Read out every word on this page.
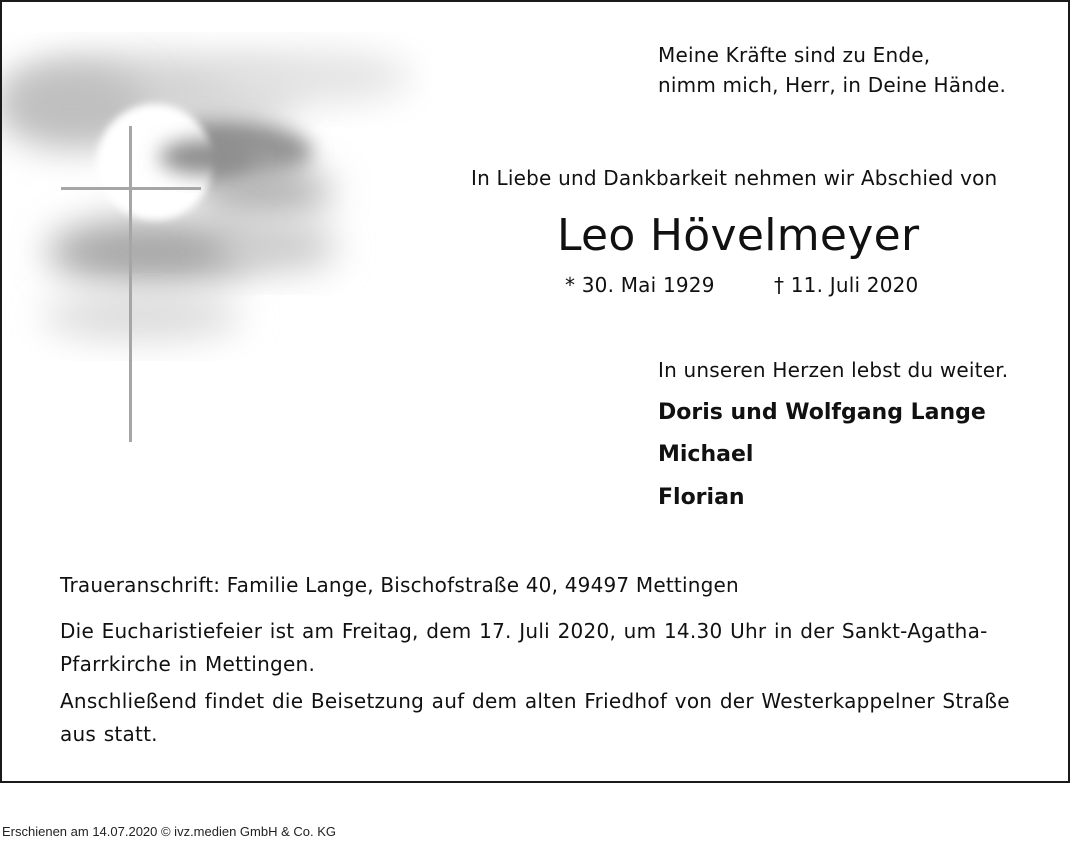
Meine Kräfte sind zu Ende,
nimm mich, Herr, in Deine Hände.
In Liebe und Dankbarkeit nehmen wir Abschied von
Leo Hövelmeyer
* 30. Mai 1929	† 11. Juli 2020
In unseren Herzen lebst du weiter.
Doris und Wolfgang Lange
Michael
Florian
Traueranschrift: Familie Lange, Bischofstraße 40, 49497 Mettingen
Die Eucharistiefeier ist am Freitag, dem 17. Juli 2020, um 14.30 Uhr in der Sankt-Agatha-Pfarrkirche in Mettingen.
Anschließend findet die Beisetzung auf dem alten Friedhof von der Westerkappelner Straße aus statt.
Erschienen am 14.07.2020 © ivz.medien GmbH & Co. KG
